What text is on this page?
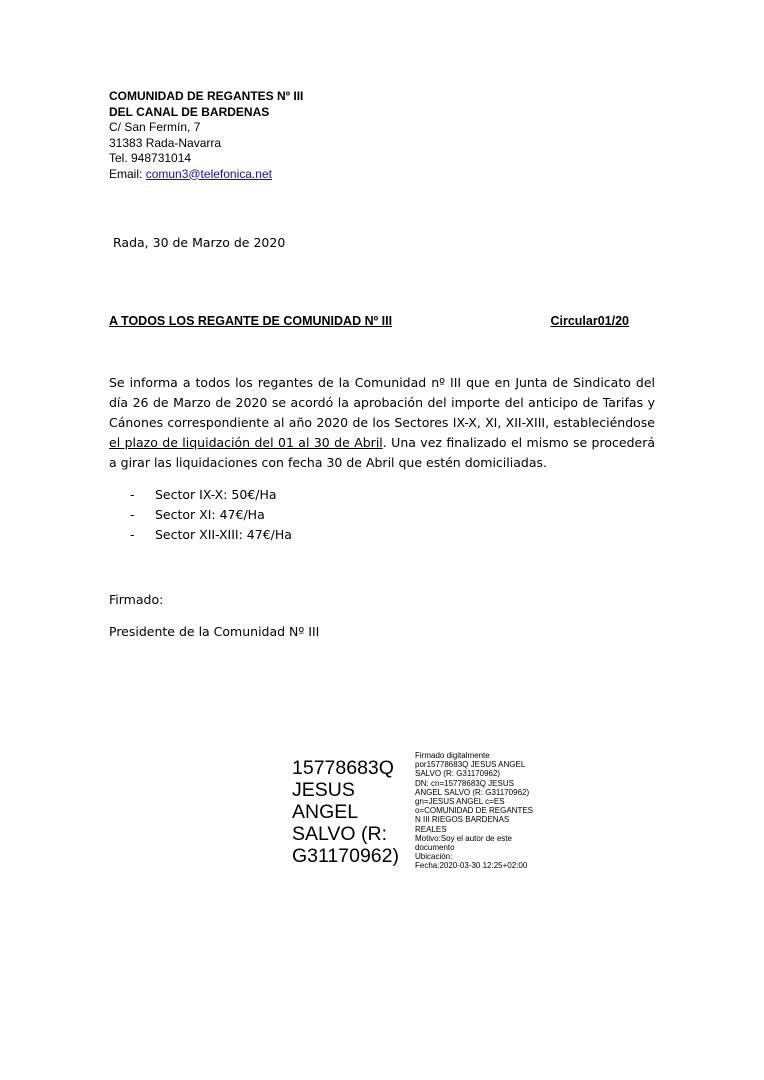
COMUNIDAD DE REGANTES Nº III
DEL CANAL DE BARDENAS
C/ San Fermín, 7
31383 Rada-Navarra
Tel. 948731014
Email: comun3@telefonica.net
Rada, 30 de Marzo de 2020
A TODOS LOS REGANTE DE COMUNIDAD Nº III	Circular01/20
Se informa a todos los regantes de la Comunidad nº III que en Junta de Sindicato del día 26 de Marzo de 2020 se acordó la aprobación del importe del anticipo de Tarifas y Cánones correspondiente al año 2020 de los Sectores IX-X, XI, XII-XIII, estableciéndose el plazo de liquidación del 01 al 30 de Abril. Una vez finalizado el mismo se procederá a girar las liquidaciones con fecha 30 de Abril que estén domiciliadas.
-	Sector IX-X: 50€/Ha
-	Sector XI: 47€/Ha
-	Sector XII-XIII: 47€/Ha
Firmado:
Presidente de la Comunidad Nº III
15778683Q
JESUS
ANGEL
SALVO (R:
G31170962)
Firmado digitalmente
por15778683Q JESUS ANGEL
SALVO (R: G31170962)
DN: cn=15778683Q JESUS
ANGEL SALVO (R: G31170962)
gn=JESUS ANGEL c=ES
o=COMUNIDAD DE REGANTES
N III RIEGOS BARDENAS
REALES
Motivo:Soy el autor de este
documento
Ubicación:
Fecha:2020-03-30 12:25+02:00
